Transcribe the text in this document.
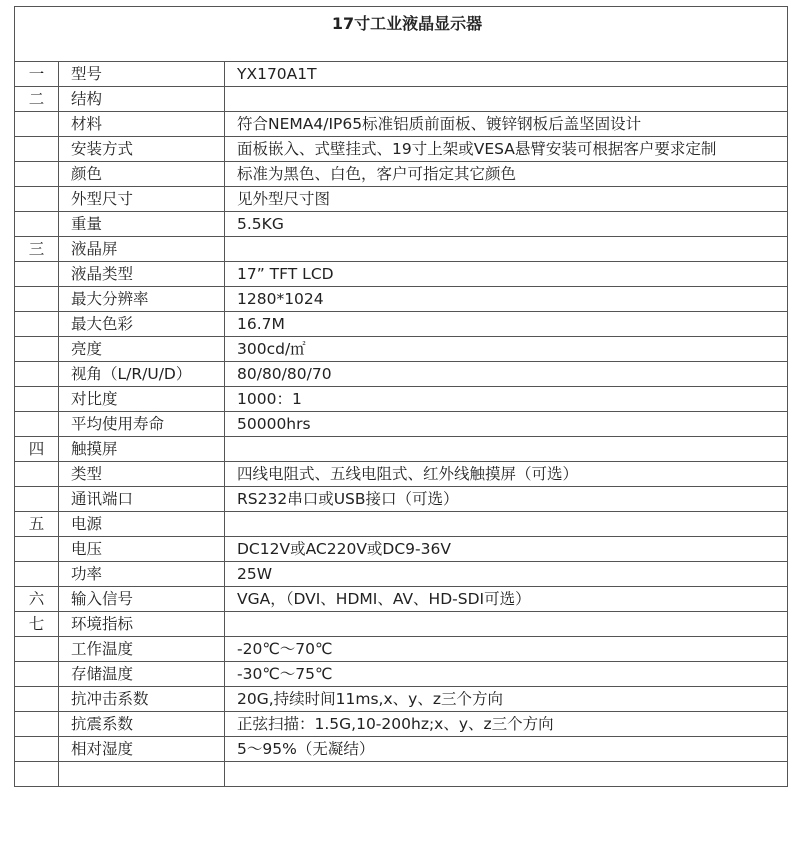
17寸工业液晶显示器		
一	型号	YX170A1T
二	结构	
	材料	符合NEMA4/IP65标准铝质前面板、镀锌钢板后盖坚固设计
	安装方式	面板嵌入、式壁挂式、19寸上架或VESA悬臂安装可根据客户要求定制
	颜色	标准为黑色、白色，客户可指定其它颜色
	外型尺寸	见外型尺寸图
	重量	5.5KG
三	液晶屏	
	液晶类型	17” TFT LCD
	最大分辨率	1280*1024
	最大色彩	16.7M
	亮度	300cd/㎡
	视角（L/R/U/D）	80/80/80/70
	对比度	1000：1
	平均使用寿命	50000hrs
四	触摸屏	
	类型	四线电阻式、五线电阻式、红外线触摸屏（可选）
	通讯端口	RS232串口或USB接口（可选）
五	电源	
	电压	DC12V或AC220V或DC9-36V
	功率	25W
六	输入信号	VGA，（DVI、HDMI、AV、HD-SDI可选）
七	环境指标	
	工作温度	-20℃～70℃
	存储温度	-30℃～75℃
	抗冲击系数	20G,持续时间11ms,x、y、z三个方向
	抗震系数	正弦扫描：1.5G,10-200hz;x、y、z三个方向
	相对湿度	5～95%（无凝结）
